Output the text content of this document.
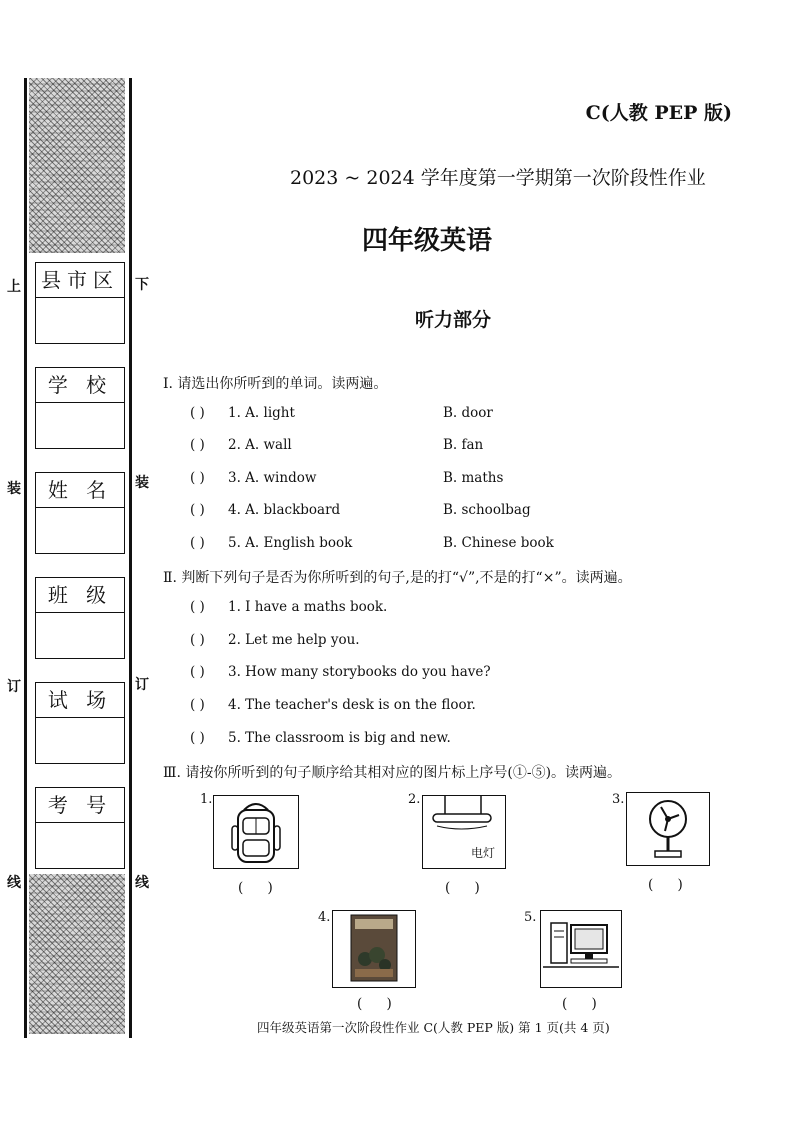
上
装
订
线
下
装
订
线
县市区
学 校
姓 名
班 级
试 场
考 号
C(人教 PEP 版)
2023 ~ 2024 学年度第一学期第一次阶段性作业
四年级英语
听力部分
Ⅰ. 请选出你所听到的单词。读两遍。
( ) 1. A. light	B. door
( ) 2. A. wall	B. fan
( ) 3. A. window	B. maths
( ) 4. A. blackboard	B. schoolbag
( ) 5. A. English book	B. Chinese book
Ⅱ. 判断下列句子是否为你所听到的句子,是的打“√”,不是的打“×”。读两遍。
( ) 1. I have a maths book.
( ) 2. Let me help you.
( ) 3. How many storybooks do you have?
( ) 4. The teacher's desk is on the floor.
( ) 5. The classroom is big and new.
Ⅲ. 请按你所听到的句子顺序给其相对应的图片标上序号(①-⑤)。读两遍。
1.
( )
2.
电灯
( )
3.
( )
4.
( )
5.
( )
四年级英语第一次阶段性作业 C(人教 PEP 版) 第 1 页(共 4 页)
